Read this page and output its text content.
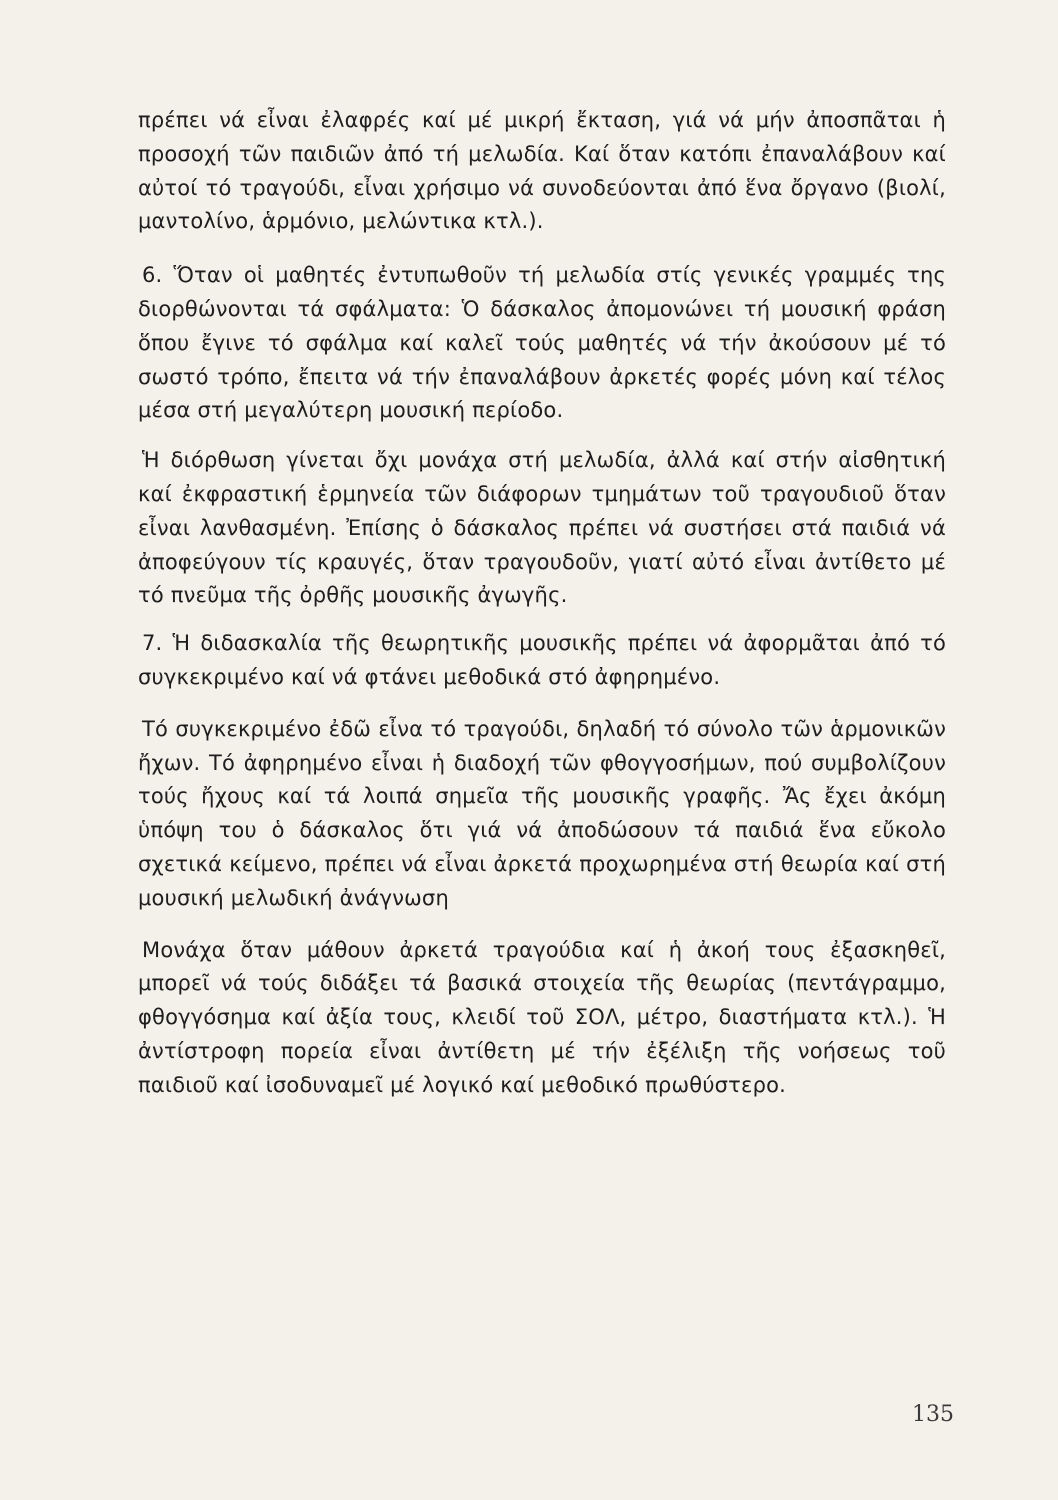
πρέπει νά εἶναι ἐλαφρές καί μέ μικρή ἔκταση, γιά νά μήν ἀποσπᾶται ἡ προσοχή τῶν παιδιῶν ἀπό τή μελωδία. Καί ὅταν κατόπι ἐπαναλάβουν καί αὐτοί τό τραγούδι, εἶναι χρήσιμο νά συνοδεύονται ἀπό ἕνα ὄργανο (βιολί, μαντολίνο, ἁρμόνιο, μελώντικα κτλ.).

6. Ὅταν οἱ μαθητές ἐντυπωθοῦν τή μελωδία στίς γενικές γραμμές της διορθώνονται τά σφάλματα: Ὁ δάσκαλος ἀπομονώνει τή μουσική φράση ὅπου ἔγινε τό σφάλμα καί καλεῖ τούς μαθητές νά τήν ἀκούσουν μέ τό σωστό τρόπο, ἔπειτα νά τήν ἐπαναλάβουν ἀρκετές φορές μόνη καί τέλος μέσα στή μεγαλύτερη μουσική περίοδο.

Ἡ διόρθωση γίνεται ὄχι μονάχα στή μελωδία, ἀλλά καί στήν αἰσθητική καί ἐκφραστική ἑρμηνεία τῶν διάφορων τμημάτων τοῦ τραγουδιοῦ ὅταν εἶναι λανθασμένη. Ἐπίσης ὁ δάσκαλος πρέπει νά συστήσει στά παιδιά νά ἀποφεύγουν τίς κραυγές, ὅταν τραγουδοῦν, γιατί αὐτό εἶναι ἀντίθετο μέ τό πνεῦμα τῆς ὀρθῆς μουσικῆς ἀγωγῆς.

7. Ἡ διδασκαλία τῆς θεωρητικῆς μουσικῆς πρέπει νά ἀφορμᾶται ἀπό τό συγκεκριμένο καί νά φτάνει μεθοδικά στό ἀφηρημένο.

Τό συγκεκριμένο ἐδῶ εἶνα τό τραγούδι, δηλαδή τό σύνολο τῶν ἁρμονικῶν ἤχων. Τό ἀφηρημένο εἶναι ἡ διαδοχή τῶν φθογγοσήμων, πού συμβολίζουν τούς ἤχους καί τά λοιπά σημεῖα τῆς μουσικῆς γραφῆς. Ἄς ἔχει ἀκόμη ὑπόψη του ὁ δάσκαλος ὅτι γιά νά ἀποδώσουν τά παιδιά ἕνα εὔκολο σχετικά κείμενο, πρέπει νά εἶναι ἀρκετά προχωρημένα στή θεωρία καί στή μουσική μελωδική ἀνάγνωση

Μονάχα ὅταν μάθουν ἀρκετά τραγούδια καί ἡ ἀκοή τους ἐξασκηθεῖ, μπορεῖ νά τούς διδάξει τά βασικά στοιχεία τῆς θεωρίας (πεντάγραμμο, φθογγόσημα καί ἀξία τους, κλειδί τοῦ ΣΟΛ, μέτρο, διαστήματα κτλ.). Ἡ ἀντίστροφη πορεία εἶναι ἀντίθετη μέ τήν ἐξέλιξη τῆς νοήσεως τοῦ παιδιοῦ καί ἰσοδυναμεῖ μέ λογικό καί μεθοδικό πρωθύστερο.

135
